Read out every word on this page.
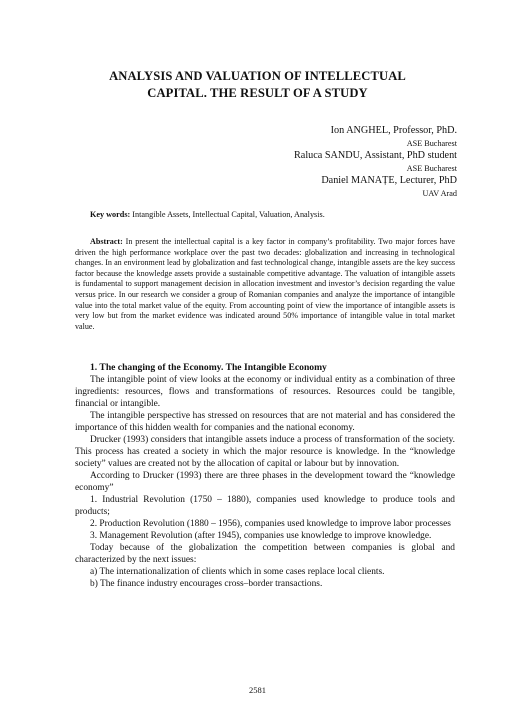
ANALYSIS AND VALUATION OF INTELLECTUAL
CAPITAL. THE RESULT OF A STUDY
Ion ANGHEL, Professor, PhD.
ASE Bucharest
Raluca SANDU, Assistant, PhD student
ASE Bucharest
Daniel MANAȚE, Lecturer, PhD
UAV Arad
Key words: Intangible Assets, Intellectual Capital, Valuation, Analysis.

Abstract: In present the intellectual capital is a key factor in company’s profitability. Two major forces have driven the high performance workplace over the past two decades: globalization and increasing in technological changes. In an environment lead by globalization and fast technological change, intangible assets are the key success factor because the knowledge assets provide a sustainable competitive advantage. The valuation of intangible assets is fundamental to support management decision in allocation investment and investor’s decision regarding the value versus price. In our research we consider a group of Romanian companies and analyze the importance of intangible value into the total market value of the equity. From accounting point of view the importance of intangible assets is very low but from the market evidence was indicated around 50% importance of intangible value in total market value.

1. The changing of the Economy. The Intangible Economy

The intangible point of view looks at the economy or individual entity as a combination of three ingredients: resources, flows and transformations of resources. Resources could be tangible, financial or intangible.

The intangible perspective has stressed on resources that are not material and has considered the importance of this hidden wealth for companies and the national economy.

Drucker (1993) considers that intangible assets induce a process of transformation of the society. This process has created a society in which the major resource is knowledge. In the “knowledge society” values are created not by the allocation of capital or labour but by innovation.

According to Drucker (1993) there are three phases in the development toward the “knowledge economy”

1. Industrial Revolution (1750 – 1880), companies used knowledge to produce tools and products;

2. Production Revolution (1880 – 1956), companies used knowledge to improve labor processes

3. Management Revolution (after 1945), companies use knowledge to improve knowledge.

Today because of the globalization the competition between companies is global and characterized by the next issues:

a) The internationalization of clients which in some cases replace local clients.

b) The finance industry encourages cross–border transactions.

2581
